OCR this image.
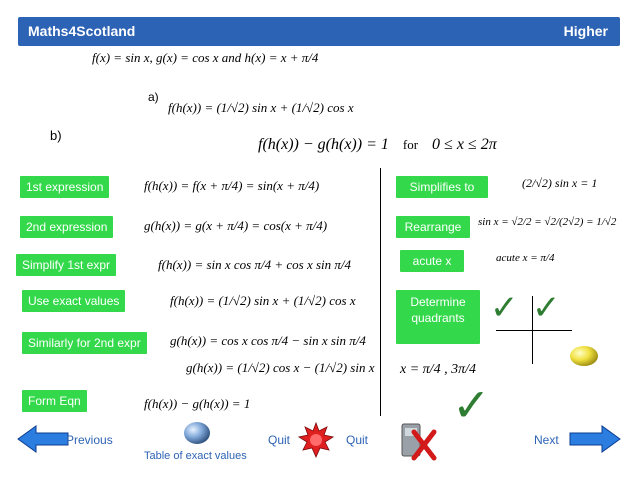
Maths4Scotland	Higher
f(x) = sin x, g(x) = cos x and h(x) = x + π/4
a)
f(h(x)) = (1/√2) sin x + (1/√2) cos x
b)
f(h(x)) − g(h(x)) = 1 for 0 ≤ x ≤ 2π
1st expression	f(h(x)) = f(x + π/4) = sin(x + π/4)
2nd expression	g(h(x)) = g(x + π/4) = cos(x + π/4)
Simplify 1st expr	f(h(x)) = sin x cos π/4 + cos x sin π/4
Use exact values	f(h(x)) = (1/√2) sin x + (1/√2) cos x
Similarly for 2nd expr	g(h(x)) = cos x cos π/4 − sin x sin π/4
g(h(x)) = (1/√2) cos x − (1/√2) sin x
Form Eqn	f(h(x)) − g(h(x)) = 1
Simplifies to	(2/√2) sin x = 1
Rearrange	sin x = √2/2 = √2/(2√2) = 1/√2
acute x	acute x = π/4
Determine quadrants
x = π/4 , 3π/4
✓ ✓
✓
Table of exact values
Previous	Quit	Quit	Next
